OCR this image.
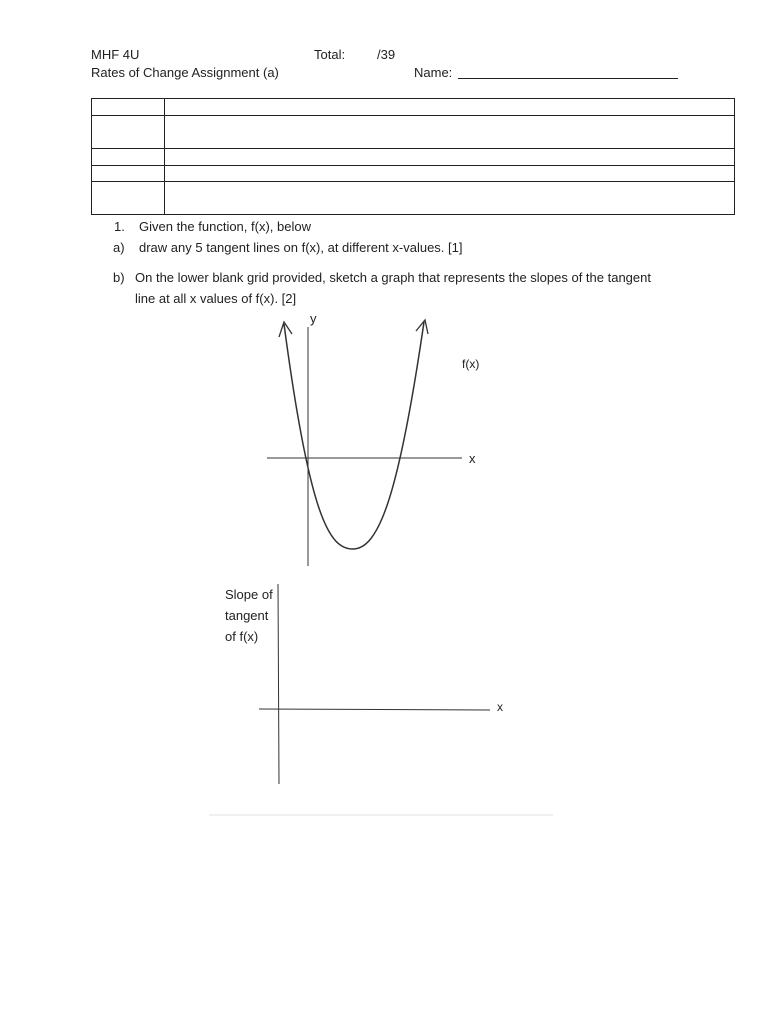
MHF 4U
Rates of Change Assignment (a)
Total: /39
Name:

1. Given the function, f(x), below
a) draw any 5 tangent lines on f(x), at different x-values. [1]
b) On the lower blank grid provided, sketch a graph that represents the slopes of the tangent
line at all x values of f(x). [2]
y
f(x)
x
Slope of
tangent
of f(x)
x
